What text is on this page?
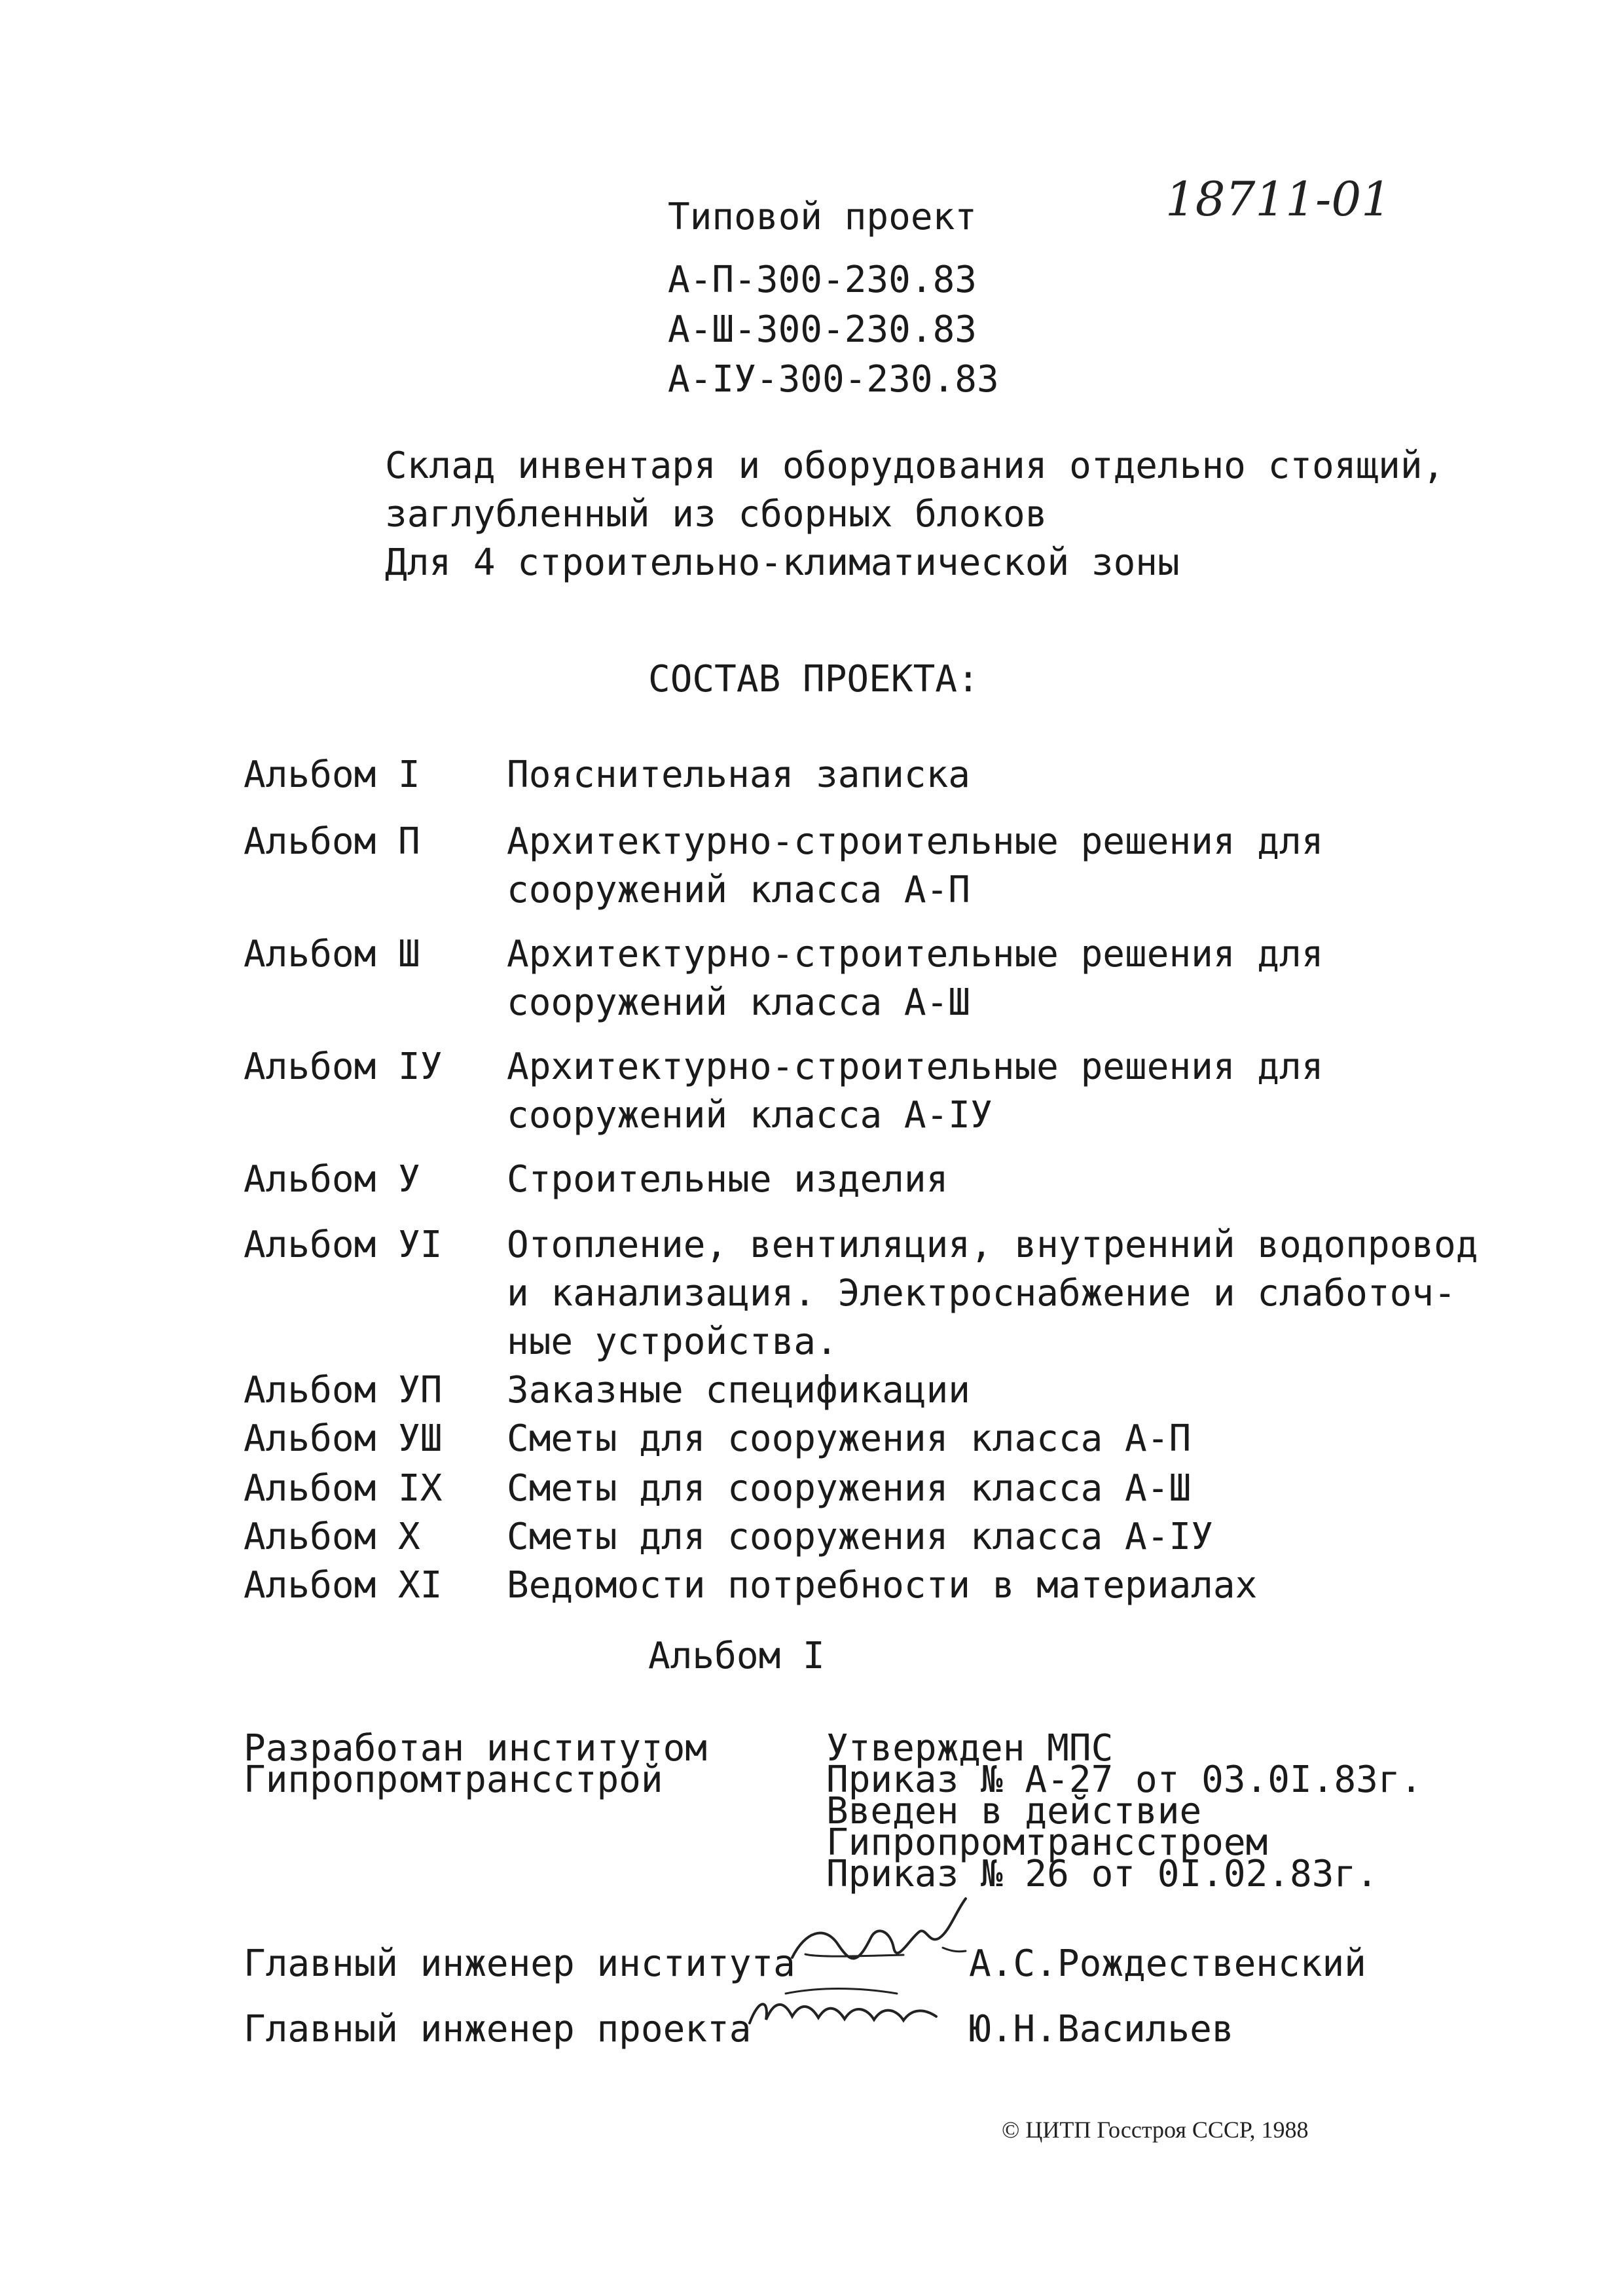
18711-01
Типовой проект
А-П-300-230.83
А-Ш-300-230.83
А-IУ-300-230.83
Склад инвентаря и оборудования отдельно стоящий,
заглубленный из сборных блоков
Для 4 строительно-климатической зоны
СОСТАВ ПРОЕКТА:
Альбом I Пояснительная записка
Альбом П Архитектурно-строительные решения для
сооружений класса А-П
Альбом Ш Архитектурно-строительные решения для
сооружений класса А-Ш
Альбом IУ Архитектурно-строительные решения для
сооружений класса А-IУ
Альбом У Строительные изделия
Альбом УI Отопление, вентиляция, внутренний водопровод
и канализация. Электроснабжение и слаботоч-
ные устройства.
Альбом УП Заказные спецификации
Альбом УШ Сметы для сооружения класса А-П
Альбом IX Сметы для сооружения класса А-Ш
Альбом X Сметы для сооружения класса А-IУ
Альбом XI Ведомости потребности в материалах
Альбом I
Разработан институтом
Гипропромтрансстрой
Утвержден МПС
Приказ № А-27 от 03.0I.83г.
Введен в действие
Гипропромтрансстроем
Приказ № 26 от 0I.02.83г.
Главный инженер института	А.С.Рождественский
Главный инженер проекта	Ю.Н.Васильев
© ЦИТП Госстроя СССР, 1988
